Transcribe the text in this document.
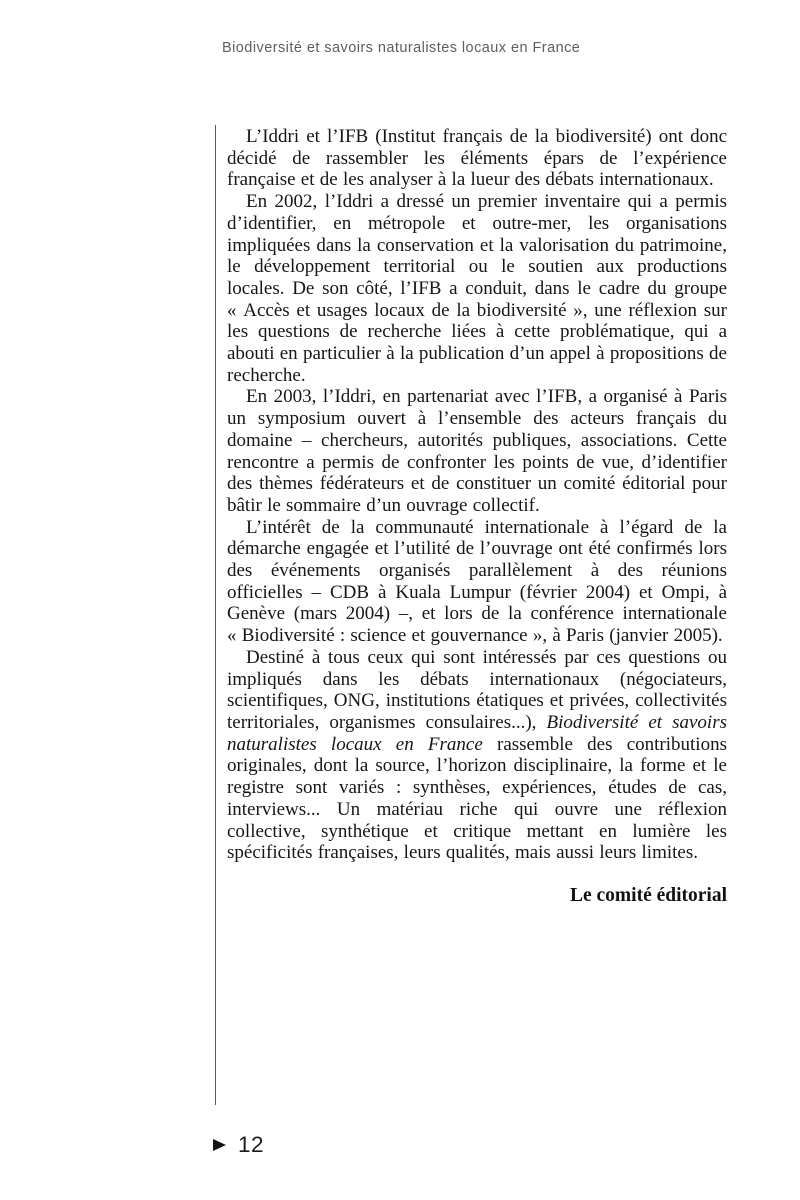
Biodiversité et savoirs naturalistes locaux en France

L’Iddri et l’IFB (Institut français de la biodiversité) ont donc décidé de rassembler les éléments épars de l’expérience française et de les analyser à la lueur des débats internationaux.

En 2002, l’Iddri a dressé un premier inventaire qui a permis d’identifier, en métropole et outre-mer, les organisations impliquées dans la conservation et la valorisation du patrimoine, le développement territorial ou le soutien aux productions locales. De son côté, l’IFB a conduit, dans le cadre du groupe « Accès et usages locaux de la biodiversité », une réflexion sur les questions de recherche liées à cette problématique, qui a abouti en particulier à la publication d’un appel à propositions de recherche.

En 2003, l’Iddri, en partenariat avec l’IFB, a organisé à Paris un symposium ouvert à l’ensemble des acteurs français du domaine – chercheurs, autorités publiques, associations. Cette rencontre a permis de confronter les points de vue, d’identifier des thèmes fédérateurs et de constituer un comité éditorial pour bâtir le sommaire d’un ouvrage collectif.

L’intérêt de la communauté internationale à l’égard de la démarche engagée et l’utilité de l’ouvrage ont été confirmés lors des événements organisés parallèlement à des réunions officielles – CDB à Kuala Lumpur (février 2004) et Ompi, à Genève (mars 2004) –, et lors de la conférence internationale « Biodiversité : science et gouvernance », à Paris (janvier 2005).

Destiné à tous ceux qui sont intéressés par ces questions ou impliqués dans les débats internationaux (négociateurs, scientifiques, ONG, institutions étatiques et privées, collectivités territoriales, organismes consulaires...), Biodiversité et savoirs naturalistes locaux en France rassemble des contributions originales, dont la source, l’horizon disciplinaire, la forme et le registre sont variés : synthèses, expériences, études de cas, interviews... Un matériau riche qui ouvre une réflexion collective, synthétique et critique mettant en lumière les spécificités françaises, leurs qualités, mais aussi leurs limites.

Le comité éditorial
12
